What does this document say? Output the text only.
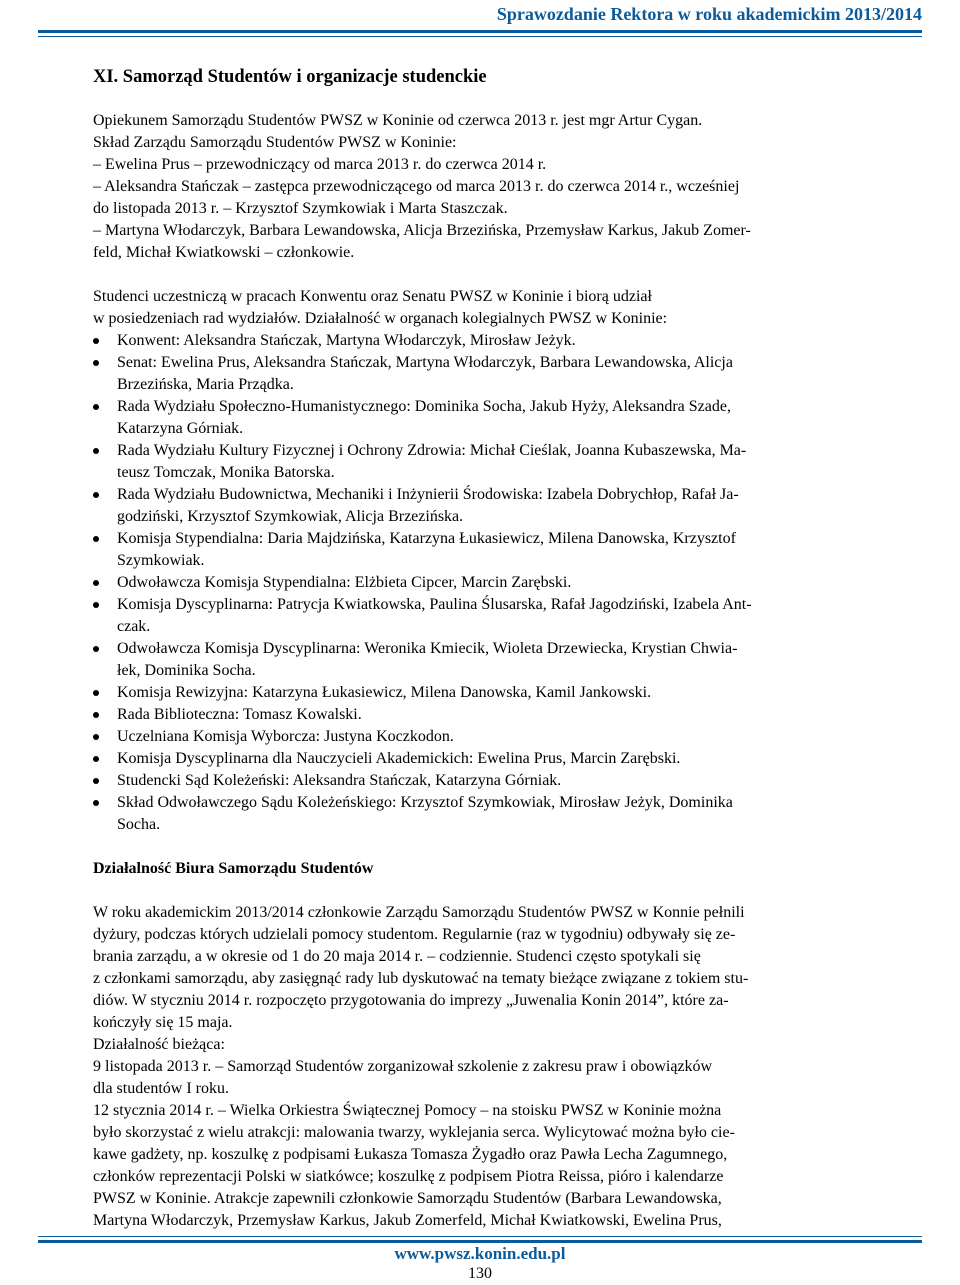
Sprawozdanie Rektora w roku akademickim 2013/2014
XI. Samorząd Studentów i organizacje studenckie
Opiekunem Samorządu Studentów PWSZ w Koninie od czerwca 2013 r. jest mgr Artur Cygan.
Skład Zarządu Samorządu Studentów PWSZ w Koninie:
– Ewelina Prus – przewodniczący od marca 2013 r. do czerwca 2014 r.
– Aleksandra Stańczak – zastępca przewodniczącego od marca 2013 r. do czerwca 2014 r., wcześniej
do listopada 2013 r. – Krzysztof Szymkowiak i Marta Staszczak.
– Martyna Włodarczyk, Barbara Lewandowska, Alicja Brzezińska, Przemysław Karkus, Jakub Zomer-
feld, Michał Kwiatkowski – członkowie.
Studenci uczestniczą w pracach Konwentu oraz Senatu PWSZ w Koninie i biorą udział
w posiedzeniach rad wydziałów. Działalność w organach kolegialnych PWSZ w Koninie:
Konwent: Aleksandra Stańczak, Martyna Włodarczyk, Mirosław Jeżyk.
Senat: Ewelina Prus, Aleksandra Stańczak, Martyna Włodarczyk, Barbara Lewandowska, Alicja
Brzezińska, Maria Prządka.
Rada Wydziału Społeczno-Humanistycznego: Dominika Socha, Jakub Hyży, Aleksandra Szade,
Katarzyna Górniak.
Rada Wydziału Kultury Fizycznej i Ochrony Zdrowia: Michał Cieślak, Joanna Kubaszewska, Ma-
teusz Tomczak, Monika Batorska.
Rada Wydziału Budownictwa, Mechaniki i Inżynierii Środowiska: Izabela Dobrychłop, Rafał Ja-
godziński, Krzysztof Szymkowiak, Alicja Brzezińska.
Komisja Stypendialna: Daria Majdzińska, Katarzyna Łukasiewicz, Milena Danowska, Krzysztof
Szymkowiak.
Odwoławcza Komisja Stypendialna: Elżbieta Cipcer, Marcin Zarębski.
Komisja Dyscyplinarna: Patrycja Kwiatkowska, Paulina Ślusarska, Rafał Jagodziński, Izabela Ant-
czak.
Odwoławcza Komisja Dyscyplinarna: Weronika Kmiecik, Wioleta Drzewiecka, Krystian Chwia-
łek, Dominika Socha.
Komisja Rewizyjna: Katarzyna Łukasiewicz, Milena Danowska, Kamil Jankowski.
Rada Biblioteczna: Tomasz Kowalski.
Uczelniana Komisja Wyborcza: Justyna Koczkodon.
Komisja Dyscyplinarna dla Nauczycieli Akademickich: Ewelina Prus, Marcin Zarębski.
Studencki Sąd Koleżeński: Aleksandra Stańczak, Katarzyna Górniak.
Skład Odwoławczego Sądu Koleżeńskiego: Krzysztof Szymkowiak, Mirosław Jeżyk, Dominika
Socha.
Działalność Biura Samorządu Studentów
W roku akademickim 2013/2014 członkowie Zarządu Samorządu Studentów PWSZ w Konnie pełnili
dyżury, podczas których udzielali pomocy studentom. Regularnie (raz w tygodniu) odbywały się ze-
brania zarządu, a w okresie od 1 do 20 maja 2014 r. – codziennie. Studenci często spotykali się
z członkami samorządu, aby zasięgnąć rady lub dyskutować na tematy bieżące związane z tokiem stu-
diów. W styczniu 2014 r. rozpoczęto przygotowania do imprezy „Juwenalia Konin 2014”, które za-
kończyły się 15 maja.
Działalność bieżąca:
9 listopada 2013 r. – Samorząd Studentów zorganizował szkolenie z zakresu praw i obowiązków
dla studentów I roku.
12 stycznia 2014 r. – Wielka Orkiestra Świątecznej Pomocy – na stoisku PWSZ w Koninie można
było skorzystać z wielu atrakcji: malowania twarzy, wyklejania serca. Wylicytować można było cie-
kawe gadżety, np. koszulkę z podpisami Łukasza Tomasza Żygadło oraz Pawła Lecha Zagumnego,
członków reprezentacji Polski w siatkówce; koszulkę z podpisem Piotra Reissa, pióro i kalendarze
PWSZ w Koninie. Atrakcje zapewnili członkowie Samorządu Studentów (Barbara Lewandowska,
Martyna Włodarczyk, Przemysław Karkus, Jakub Zomerfeld, Michał Kwiatkowski, Ewelina Prus,
www.pwsz.konin.edu.pl
130
